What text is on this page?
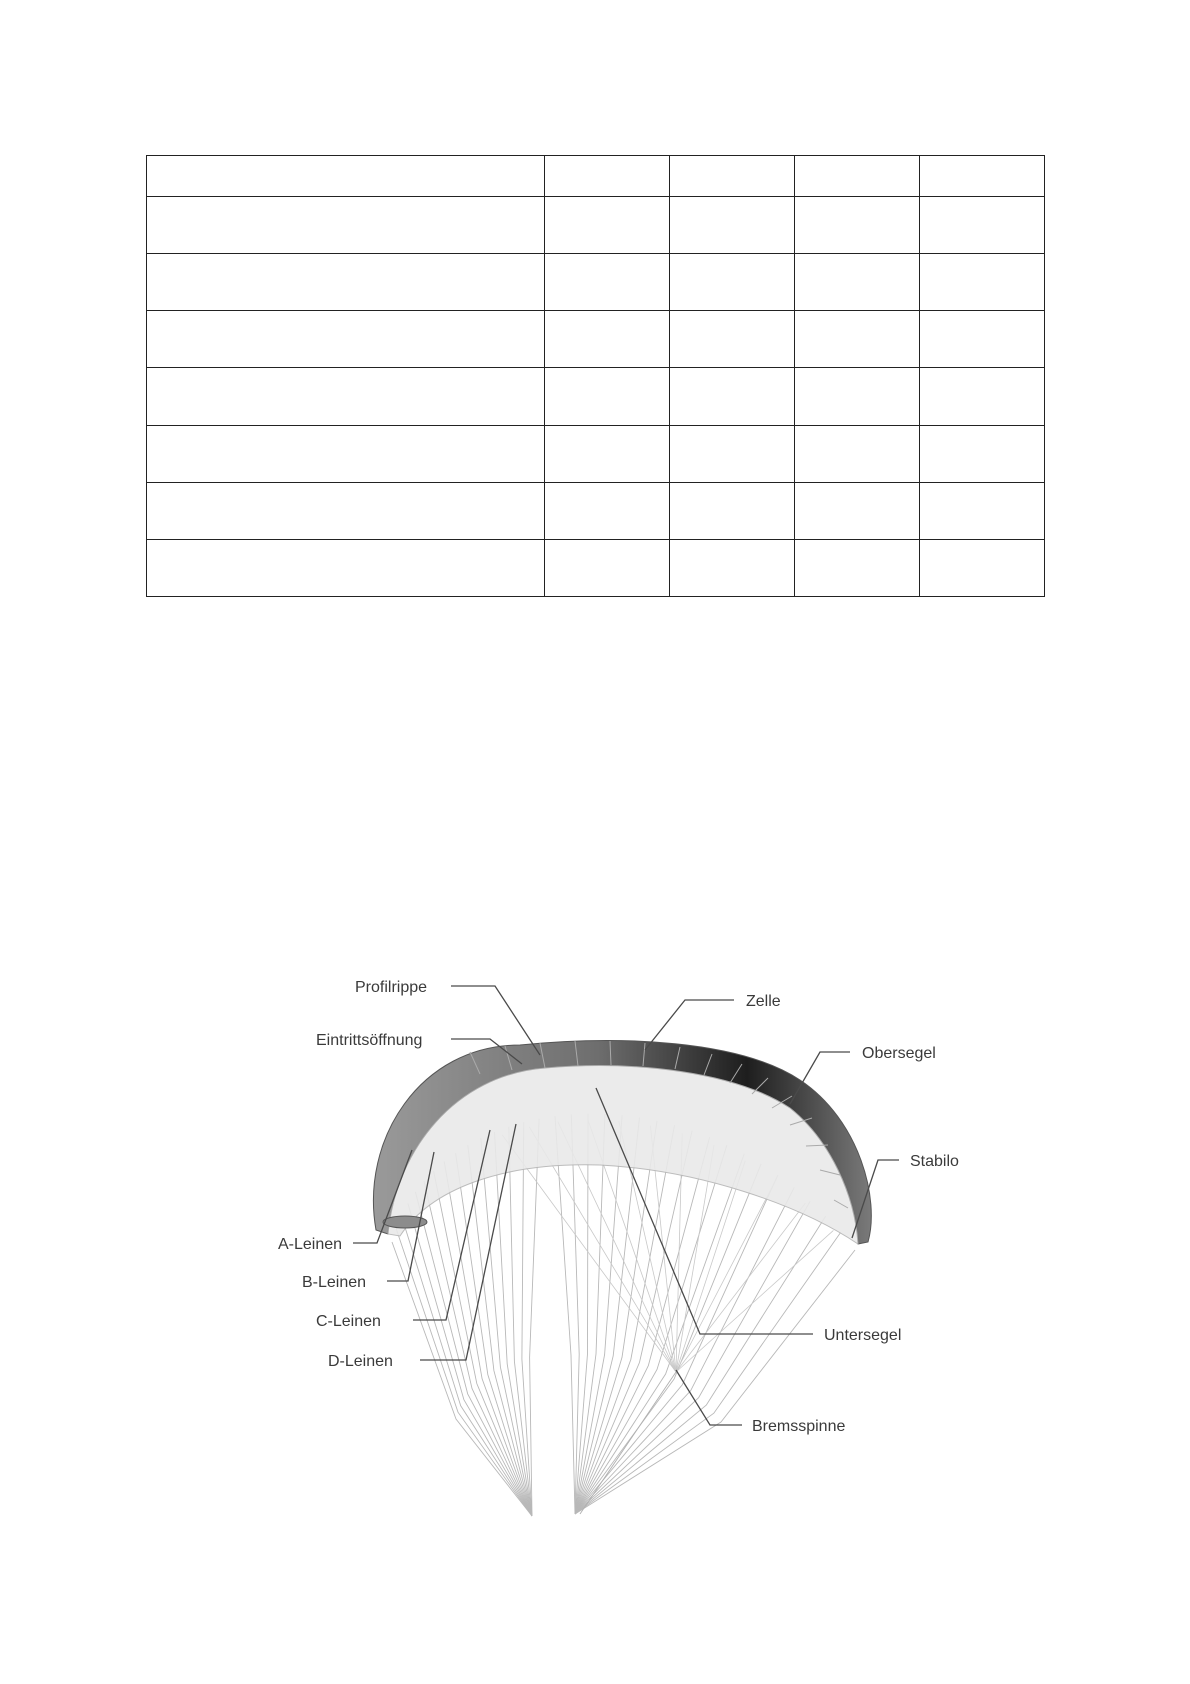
Profilrippe
Eintrittsöffnung
Zelle
Obersegel
Stabilo
Untersegel
Bremsspinne
A-Leinen
B-Leinen
C-Leinen
D-Leinen
